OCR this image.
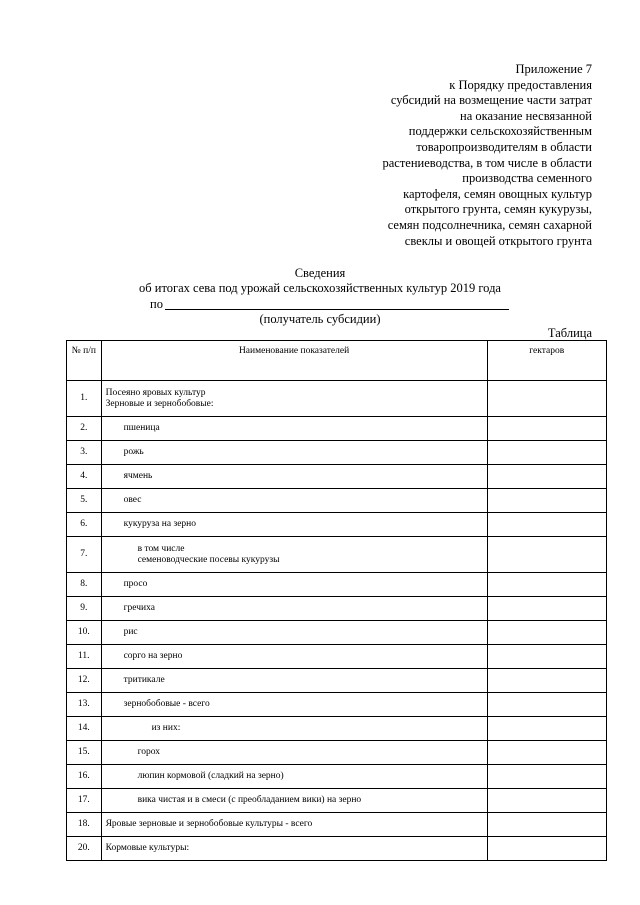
Приложение 7
к Порядку предоставления
субсидий на возмещение части затрат
на оказание несвязанной
поддержки сельскохозяйственным
товаропроизводителям в области
растениеводства, в том числе в области
производства семенного
картофеля, семян овощных культур
открытого грунта, семян кукурузы,
семян подсолнечника, семян сахарной
свеклы и овощей открытого грунта
Сведения
об итогах сева под урожай сельскохозяйственных культур 2019 года
по
(получатель субсидии)
Таблица
№ п/п	Наименование показателей	гектаров
1.	Посеяно яровых культур
Зерновые и зернобобовые:	

2.	пшеница	

3.	рожь	

4.	ячмень	

5.	овес	

6.	кукуруза на зерно	

7.	в том числе
семеноводческие посевы кукурузы	

8.	просо	

9.	гречиха	

10.	рис	

11.	сорго на зерно	

12.	тритикале	

13.	зернобобовые - всего	

14.	из них:	

15.	горох	

16.	люпин кормовой (сладкий на зерно)	

17.	вика чистая и в смеси (с преобладанием вики) на зерно	

18.	Яровые зерновые и зернобобовые культуры - всего	

20.	Кормовые культуры:	
